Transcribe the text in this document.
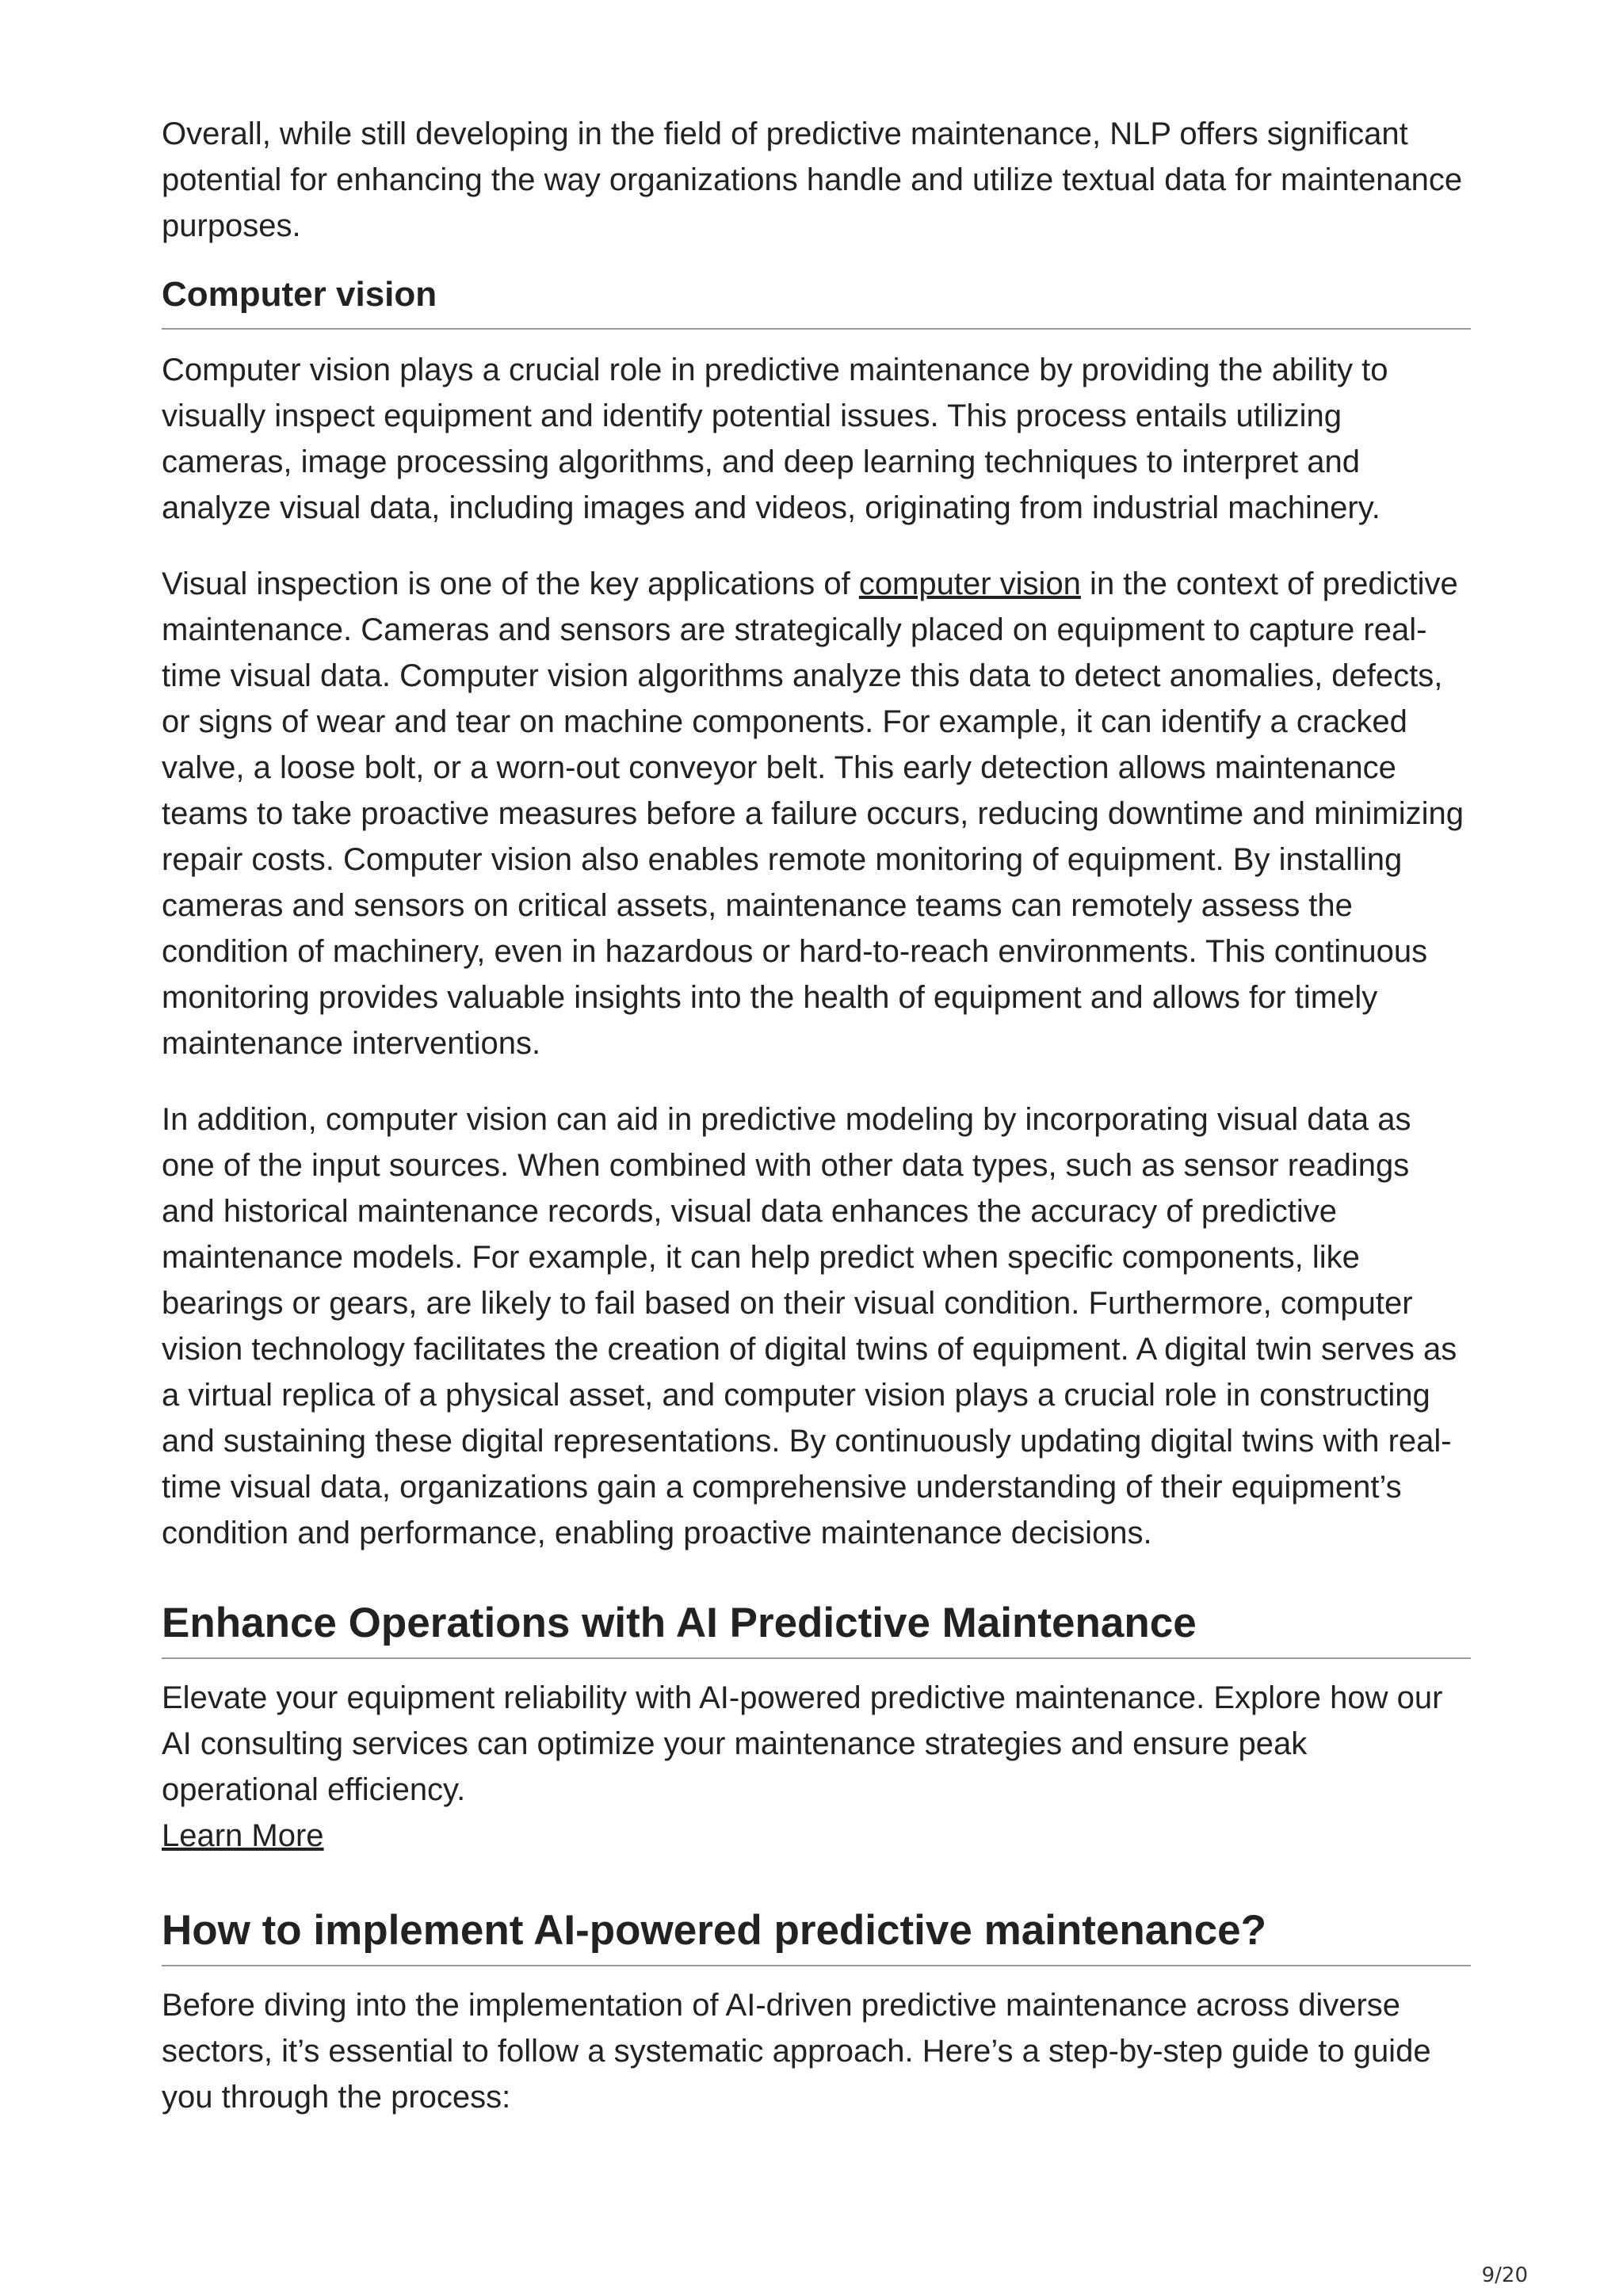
Overall, while still developing in the field of predictive maintenance, NLP offers significant potential for enhancing the way organizations handle and utilize textual data for maintenance purposes.

Computer vision

Computer vision plays a crucial role in predictive maintenance by providing the ability to visually inspect equipment and identify potential issues. This process entails utilizing cameras, image processing algorithms, and deep learning techniques to interpret and analyze visual data, including images and videos, originating from industrial machinery.

Visual inspection is one of the key applications of computer vision in the context of predictive maintenance. Cameras and sensors are strategically placed on equipment to capture real-time visual data. Computer vision algorithms analyze this data to detect anomalies, defects, or signs of wear and tear on machine components. For example, it can identify a cracked valve, a loose bolt, or a worn-out conveyor belt. This early detection allows maintenance teams to take proactive measures before a failure occurs, reducing downtime and minimizing repair costs. Computer vision also enables remote monitoring of equipment. By installing cameras and sensors on critical assets, maintenance teams can remotely assess the condition of machinery, even in hazardous or hard-to-reach environments. This continuous monitoring provides valuable insights into the health of equipment and allows for timely maintenance interventions.

In addition, computer vision can aid in predictive modeling by incorporating visual data as one of the input sources. When combined with other data types, such as sensor readings and historical maintenance records, visual data enhances the accuracy of predictive maintenance models. For example, it can help predict when specific components, like bearings or gears, are likely to fail based on their visual condition. Furthermore, computer vision technology facilitates the creation of digital twins of equipment. A digital twin serves as a virtual replica of a physical asset, and computer vision plays a crucial role in constructing and sustaining these digital representations. By continuously updating digital twins with real-time visual data, organizations gain a comprehensive understanding of their equipment’s condition and performance, enabling proactive maintenance decisions.

Enhance Operations with AI Predictive Maintenance

Elevate your equipment reliability with AI-powered predictive maintenance. Explore how our AI consulting services can optimize your maintenance strategies and ensure peak operational efficiency.

Learn More
How to implement AI-powered predictive maintenance?

Before diving into the implementation of AI-driven predictive maintenance across diverse sectors, it’s essential to follow a systematic approach. Here’s a step-by-step guide to guide you through the process:

9/20
